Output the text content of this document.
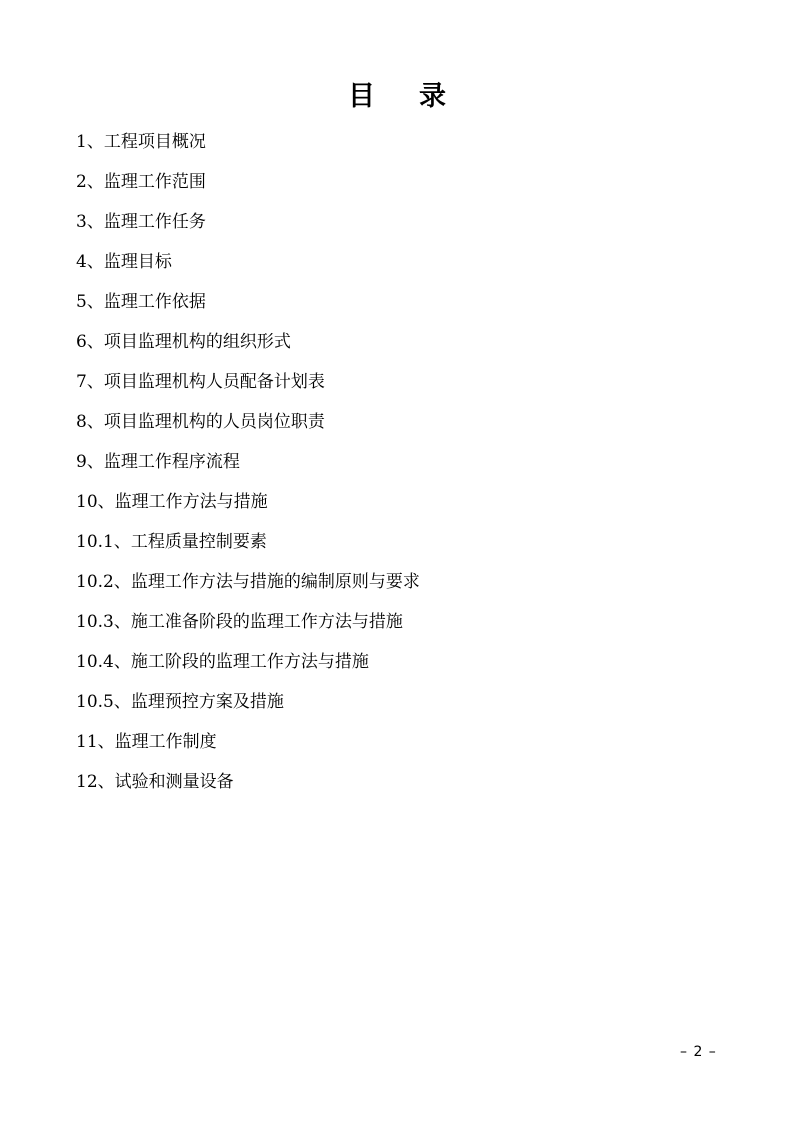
目 录
1、工程项目概况
2、监理工作范围
3、监理工作任务
4、监理目标
5、监理工作依据
6、项目监理机构的组织形式
7、项目监理机构人员配备计划表
8、项目监理机构的人员岗位职责
9、监理工作程序流程
10、监理工作方法与措施
10.1、工程质量控制要素
10.2、监理工作方法与措施的编制原则与要求
10.3、施工准备阶段的监理工作方法与措施
10.4、施工阶段的监理工作方法与措施
10.5、监理预控方案及措施
11、监理工作制度
12、试验和测量设备
– 2 –
